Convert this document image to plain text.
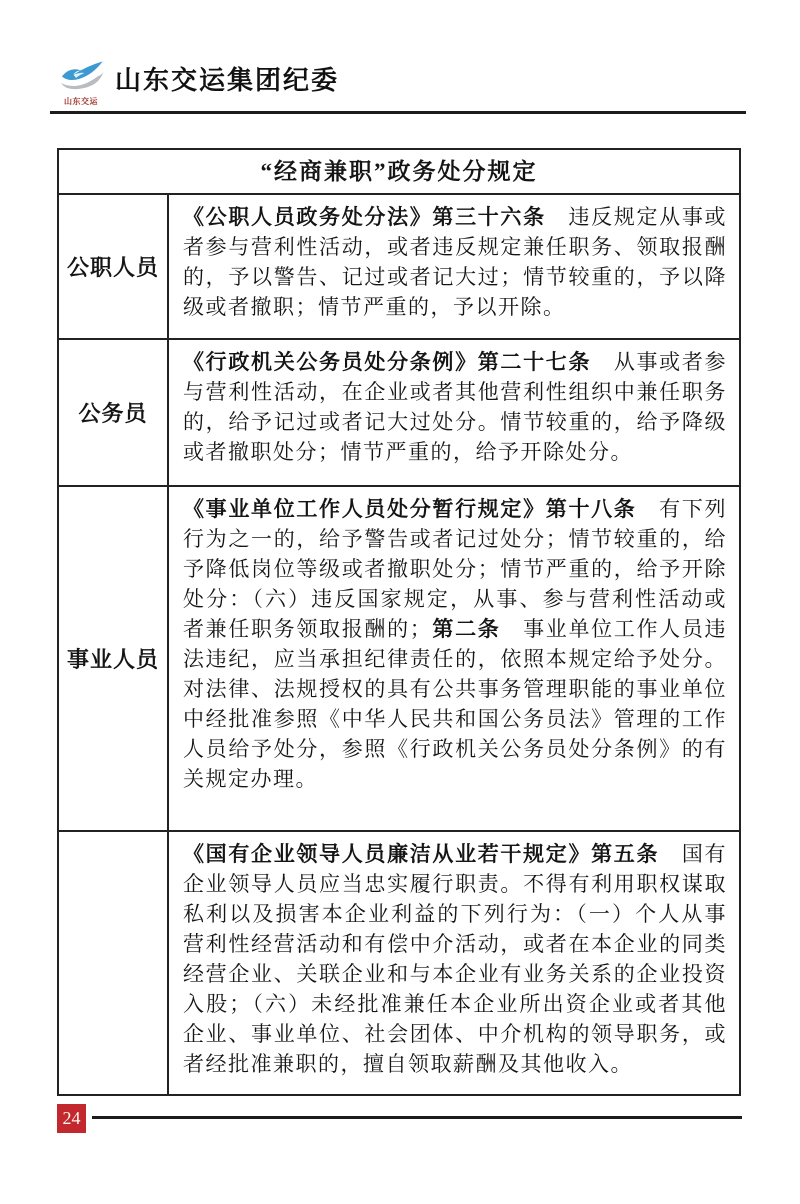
山东交运
山东交运集团纪委
“经商兼职”政务处分规定
公职人员
《公职人员政务处分法》第三十六条　违反规定从事或者参与营利性活动，或者违反规定兼任职务、领取报酬的，予以警告、记过或者记大过；情节较重的，予以降级或者撤职；情节严重的，予以开除。
公务员
《行政机关公务员处分条例》第二十七条　从事或者参与营利性活动，在企业或者其他营利性组织中兼任职务的，给予记过或者记大过处分。情节较重的，给予降级或者撤职处分；情节严重的，给予开除处分。
事业人员
《事业单位工作人员处分暂行规定》第十八条　有下列行为之一的，给予警告或者记过处分；情节较重的，给予降低岗位等级或者撤职处分；情节严重的，给予开除处分：（六）违反国家规定，从事、参与营利性活动或者兼任职务领取报酬的；第二条　事业单位工作人员违法违纪，应当承担纪律责任的，依照本规定给予处分。对法律、法规授权的具有公共事务管理职能的事业单位中经批准参照《中华人民共和国公务员法》管理的工作人员给予处分，参照《行政机关公务员处分条例》的有关规定办理。
《国有企业领导人员廉洁从业若干规定》第五条　国有企业领导人员应当忠实履行职责。不得有利用职权谋取私利以及损害本企业利益的下列行为：（一）个人从事营利性经营活动和有偿中介活动，或者在本企业的同类经营企业、关联企业和与本企业有业务关系的企业投资入股；（六）未经批准兼任本企业所出资企业或者其他企业、事业单位、社会团体、中介机构的领导职务，或者经批准兼职的，擅自领取薪酬及其他收入。
24
